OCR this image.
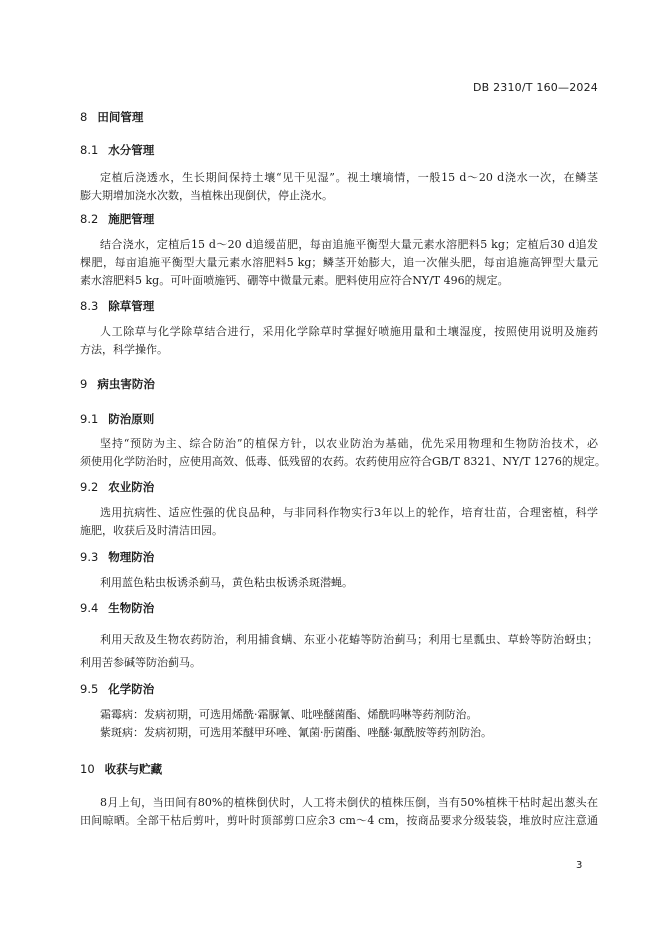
DB 2310/T 160—2024
8 田间管理
8.1 水分管理
定植后浇透水，生长期间保持土壤“见干见湿”。视土壤墒情，一般15 d～20 d浇水一次，在鳞茎
膨大期增加浇水次数，当植株出现倒伏，停止浇水。
8.2 施肥管理
结合浇水，定植后15 d～20 d追缓苗肥，每亩追施平衡型大量元素水溶肥料5 kg；定植后30 d追发
棵肥，每亩追施平衡型大量元素水溶肥料5 kg；鳞茎开始膨大，追一次催头肥，每亩追施高钾型大量元
素水溶肥料5 kg。可叶面喷施钙、硼等中微量元素。肥料使用应符合NY/T 496的规定。
8.3 除草管理
人工除草与化学除草结合进行，采用化学除草时掌握好喷施用量和土壤湿度，按照使用说明及施药
方法，科学操作。
9 病虫害防治
9.1 防治原则
坚持“预防为主、综合防治”的植保方针，以农业防治为基础，优先采用物理和生物防治技术，必
须使用化学防治时，应使用高效、低毒、低残留的农药。农药使用应符合GB/T 8321、NY/T 1276的规定。
9.2 农业防治
选用抗病性、适应性强的优良品种，与非同科作物实行3年以上的轮作，培育壮苗，合理密植，科学
施肥，收获后及时清洁田园。
9.3 物理防治
利用蓝色粘虫板诱杀蓟马，黄色粘虫板诱杀斑潜蝇。
9.4 生物防治
利用天敌及生物农药防治，利用捕食螨、东亚小花蝽等防治蓟马；利用七星瓢虫、草蛉等防治蚜虫；
利用苦参碱等防治蓟马。
9.5 化学防治
霜霉病：发病初期，可选用烯酰·霜脲氰、吡唑醚菌酯、烯酰吗啉等药剂防治。
紫斑病：发病初期，可选用苯醚甲环唑、氰菌·肟菌酯、唑醚·氟酰胺等药剂防治。
10 收获与贮藏
8月上旬，当田间有80%的植株倒伏时，人工将未倒伏的植株压倒，当有50%植株干枯时起出葱头在
田间晾晒。全部干枯后剪叶，剪叶时顶部剪口应余3 cm～4 cm，按商品要求分级装袋，堆放时应注意通
3
